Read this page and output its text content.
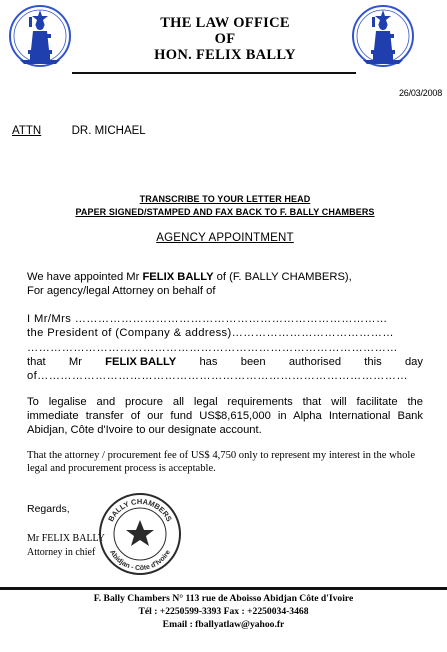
THE LAW OFFICE
OF
HON. FELIX BALLY
26/03/2008
ATTN	DR. MICHAEL
TRANSCRIBE TO YOUR LETTER HEAD
PAPER SIGNED/STAMPED AND FAX BACK TO F. BALLY CHAMBERS
AGENCY APPOINTMENT
We have appointed Mr FELIX BALLY of (F. BALLY CHAMBERS),
For agency/legal Attorney on behalf of
I Mr/Mrs ………………………………………………………………………
the President of (Company & address)……………………………………
……………………………………………………………………………………
that Mr FELIX BALLY has been authorised this day
of……………………………………………………………………………………
To legalise and procure all legal requirements that will facilitate the
immediate transfer of our fund US$8,615,000 in Alpha International Bank
Abidjan, Côte d'Ivoire to our designate account.
That the attorney / procurement fee of US$ 4,750 only to represent my interest in the whole legal and procurement process is acceptable.
Regards,
Mr FELIX BALLY
Attorney in chief
BALLY CHAMBERS
Abidjan - Côte d'Ivoire
F. Bally Chambers N° 113 rue de Aboisso Abidjan Côte d'Ivoire
Tél : +2250599-3393 Fax : +2250034-3468
Email : fballyatlaw@yahoo.fr
